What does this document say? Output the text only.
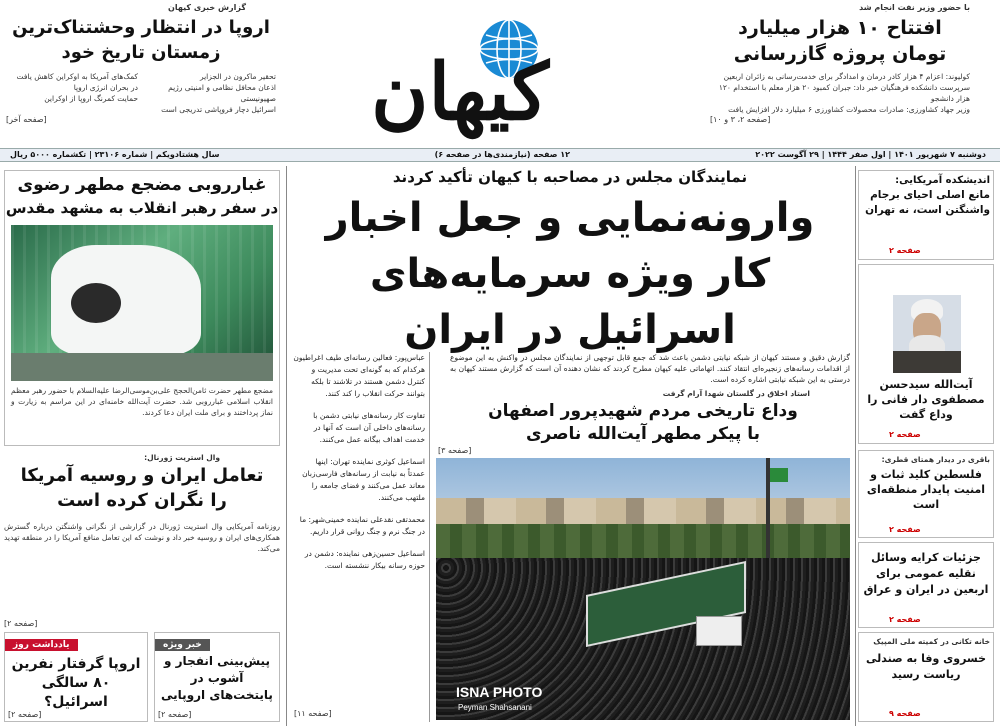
با حضور وزیر نفت انجام شد
افتتاح ۱۰ هزار میلیارد تومان پروژه گازرسانی
کولیوند: اعزام ۴ هزار کادر درمان و امدادگر برای خدمت‌رسانی به زائران اربعین
سرپرست دانشکده فرهنگیان خبر داد: جبران کمبود ۲۰ هزار معلم با استخدام ۱۲۰ هزار دانشجو
وزیر جهاد کشاورزی: صادرات محصولات کشاورزی ۶ میلیارد دلار افزایش یافت
[صفحه ۲، ۳ و ۱۰]
کیهان
گزارش خبری کیهان
اروپا در انتظار وحشتناک‌ترین زمستان تاریخ خود
تحقیر ماکرون در الجزایر
اذعان محافل نظامی و امنیتی رژیم صهیونیستی
اسرائیل دچار فروپاشی تدریجی است
کمک‌های آمریکا به اوکراین کاهش یافت
در بحران انرژی اروپا
حمایت کمرنگ اروپا از اوکراین
[صفحه آخر]
دوشنبه ۷ شهریور ۱۴۰۱ | اول صفر ۱۴۴۴ | ۲۹ آگوست ۲۰۲۲
۱۲ صفحه (نیازمندی‌ها در صفحه ۶)
سال هشتادویکم | شماره ۲۳۱۰۶ | تکشماره ۵۰۰۰ ریال
اندیشکده آمریکایی:
مانع اصلی احیای برجام واشنگتن است، نه تهران
صفحه ۲
آیت‌الله سیدحسن مصطفوی دار فانی را وداع گفت
صفحه ۲
باقری در دیدار همتای قطری:
فلسطین کلید ثبات و امنیت پایدار منطقه‌ای است
صفحه ۲
جزئیات کرایه وسائل نقلیه عمومی برای اربعین در ایران و عراق
صفحه ۲
خانه تکانی در کمیته ملی المپیک
خسروی وفا به صندلی ریاست رسید
صفحه ۹
نمایندگان مجلس در مصاحبه با کیهان تأکید کردند
وارونه‌نمایی و جعل اخبار
کار ویژه سرمایه‌های اسرائیل در ایران
گزارش دقیق و مستند کیهان از شبکه نیابتی دشمن باعث شد که جمع قابل توجهی از نمایندگان مجلس در واکنش به این موضوع از اقدامات رسانه‌های زنجیره‌ای انتقاد کنند. اتهاماتی علیه کیهان مطرح کردند که نشان دهنده آن است که گزارش مستند کیهان به درستی به این شبکه نیابتی اشاره کرده است.
عباس‌پور: فعالین رسانه‌ای طیف اغراطیون
هرکدام که به گونه‌ای تحت مدیریت و
کنترل دشمن هستند در تلاشند تا بلکه
بتوانند حرکت انقلاب را کند کنند.
تفاوت کار رسانه‌های نیابتی دشمن با
رسانه‌های داخلی آن است که آنها در
خدمت اهداف بیگانه عمل می‌کنند.
اسماعیل کوثری نماینده تهران: اینها
عمدتاً به نیابت از رسانه‌های فارسی‌زبان
معاند عمل می‌کنند و فضای جامعه را
ملتهب می‌کنند.
محمدتقی نقدعلی نماینده خمینی‌شهر: ما
در جنگ نرم و جنگ روانی قرار داریم.
اسماعیل حسین‌زهی نماینده: دشمن در
حوزه رسانه بیکار ننشسته است.
[صفحه ۱۱]
استاد اخلاق در گلستان شهدا آرام گرفت
وداع تاریخی مردم شهیدپرور اصفهان
با پیکر مطهر آیت‌الله ناصری
[صفحه ۳]
ISNA PHOTO
Peyman Shahsanani
غبارروبی مضجع مطهر رضوی
در سفر رهبر انقلاب به مشهد مقدس
مضجع مطهر حضرت ثامن‌الحجج علی‌بن‌موسی‌الرضا علیه‌السلام با حضور رهبر معظم انقلاب اسلامی غبارروبی شد. حضرت آیت‌الله خامنه‌ای در این مراسم به زیارت و نماز پرداختند و برای ملت ایران دعا کردند.
وال استریت ژورنال:
تعامل ایران و روسیه آمریکا را نگران کرده است
روزنامه آمریکایی وال استریت ژورنال در گزارشی از نگرانی واشنگتن درباره گسترش همکاری‌های ایران و روسیه خبر داد و نوشت که این تعامل منافع آمریکا را در منطقه تهدید می‌کند.
[صفحه ۲]
خبر ویژه
پیش‌بینی انفجار و آشوب در پایتخت‌های اروپایی
[صفحه ۲]
یادداشت روز
اروپا گرفتار نفرین ۸۰ سالگی اسرائیل؟
[صفحه ۲]
